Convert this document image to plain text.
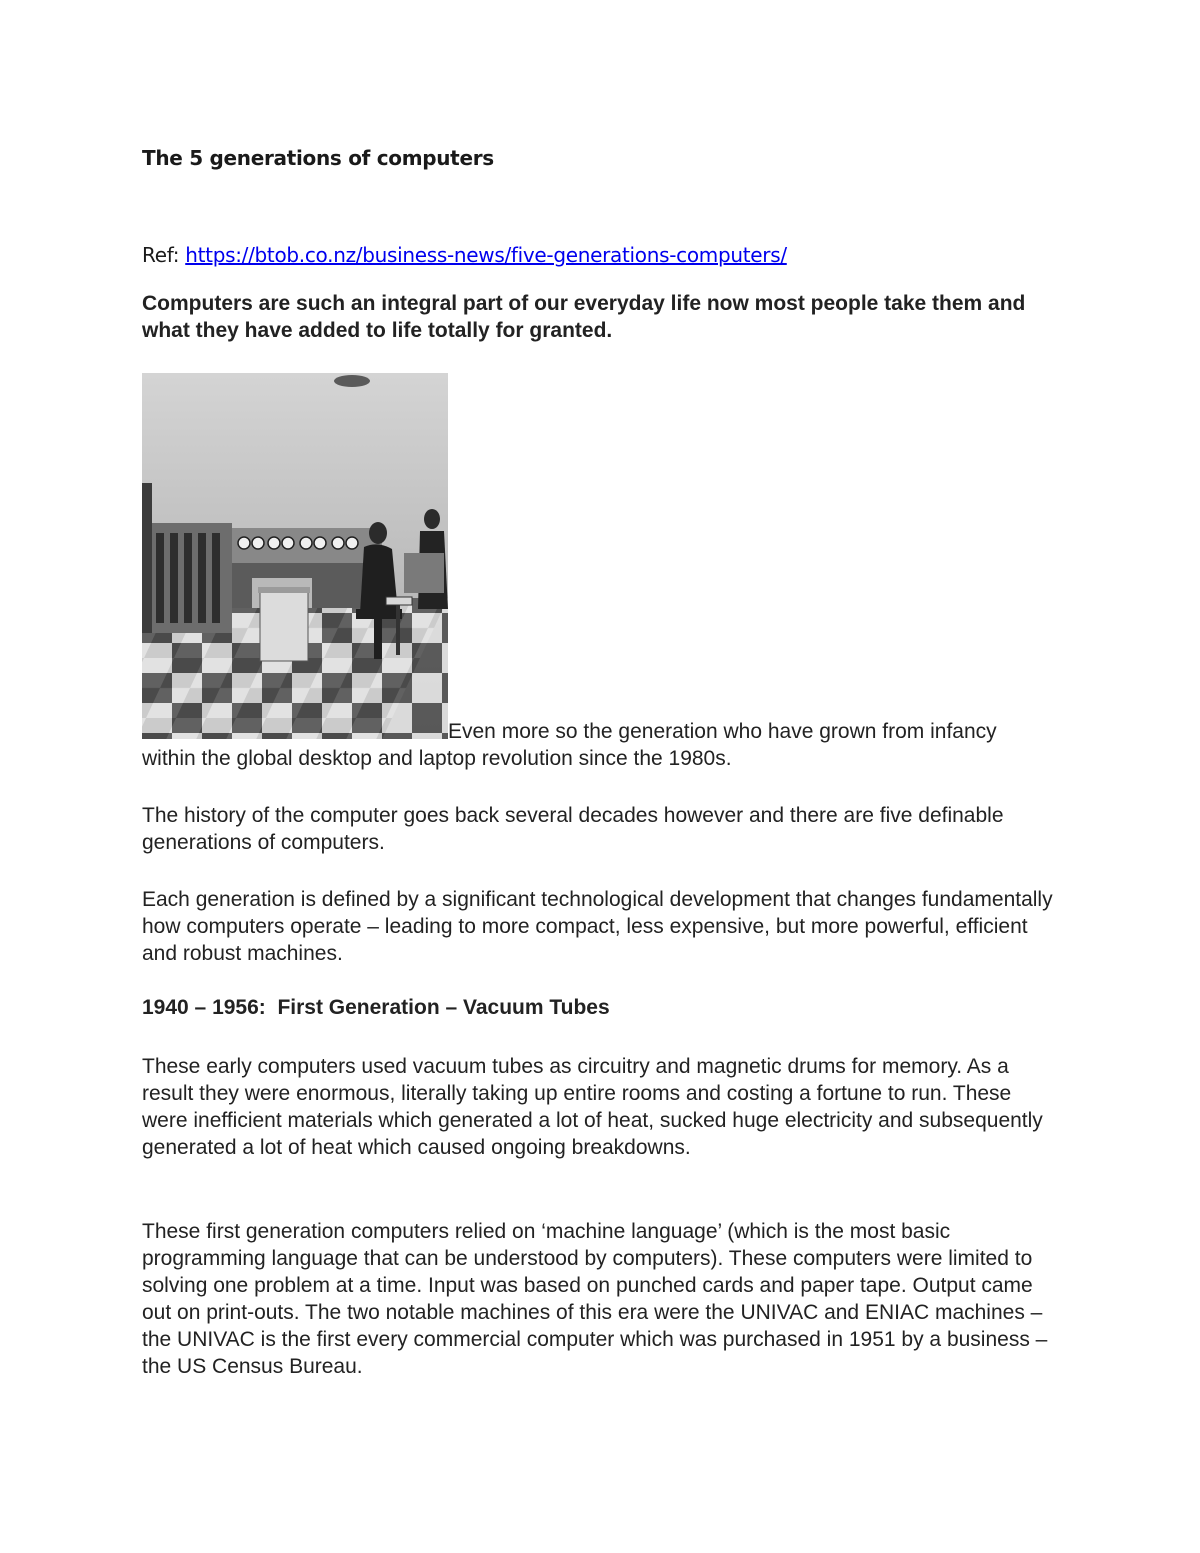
The 5 generations of computers

Ref: https://btob.co.nz/business-news/five-generations-computers/

Computers are such an integral part of our everyday life now most people take them and what they have added to life totally for granted.

Even more so the generation who have grown from infancy within the global desktop and laptop revolution since the 1980s.

The history of the computer goes back several decades however and there are five definable generations of computers.

Each generation is defined by a significant technological development that changes fundamentally how computers operate – leading to more compact, less expensive, but more powerful, efficient and robust machines.

1940 – 1956:  First Generation – Vacuum Tubes

These early computers used vacuum tubes as circuitry and magnetic drums for memory. As a result they were enormous, literally taking up entire rooms and costing a fortune to run. These were inefficient materials which generated a lot of heat, sucked huge electricity and subsequently generated a lot of heat which caused ongoing breakdowns.

These first generation computers relied on ‘machine language’ (which is the most basic programming language that can be understood by computers). These computers were limited to solving one problem at a time. Input was based on punched cards and paper tape. Output came out on print-outs. The two notable machines of this era were the UNIVAC and ENIAC machines – the UNIVAC is the first every commercial computer which was purchased in 1951 by a business – the US Census Bureau.
